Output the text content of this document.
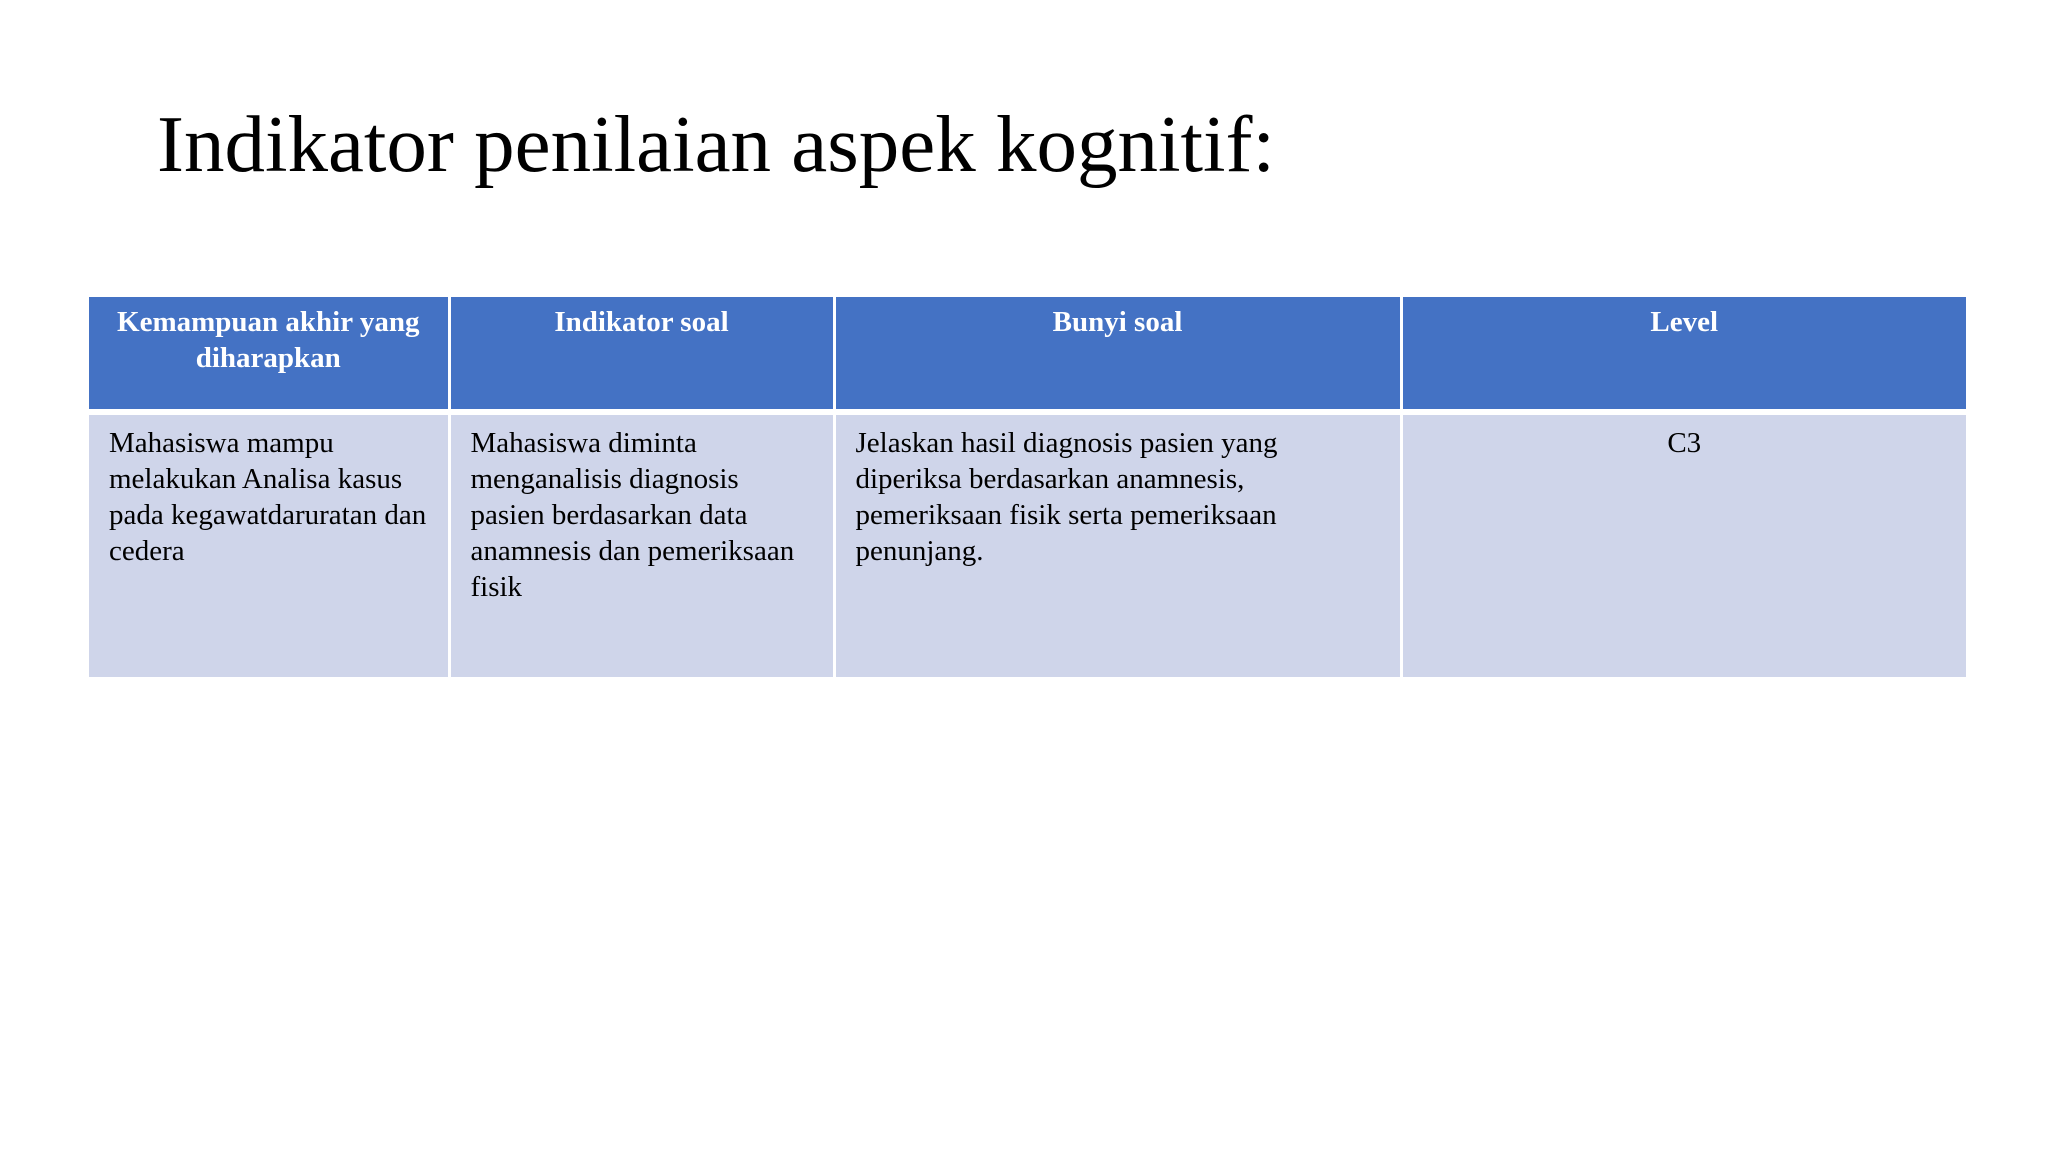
Indikator penilaian aspek kognitif:
Kemampuan akhir yang diharapkan	Indikator soal	Bunyi soal	Level
Mahasiswa mampu melakukan Analisa kasus pada kegawatdaruratan dan cedera	Mahasiswa diminta menganalisis diagnosis pasien berdasarkan data anamnesis dan pemeriksaan fisik	Jelaskan hasil diagnosis pasien yang diperiksa berdasarkan anamnesis, pemeriksaan fisik serta pemeriksaan penunjang.	C3
